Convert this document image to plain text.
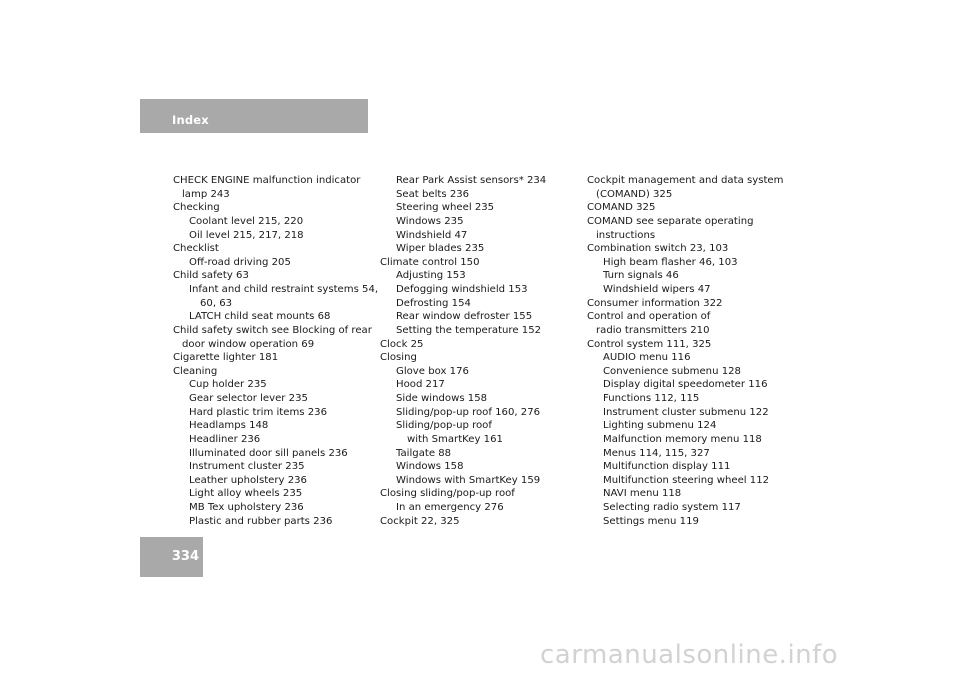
Index
CHECK ENGINE malfunction indicator
lamp 243
Checking
Coolant level 215, 220
Oil level 215, 217, 218
Checklist
Off-road driving 205
Child safety 63
Infant and child restraint systems 54,
60, 63
LATCH child seat mounts 68
Child safety switch see Blocking of rear
door window operation 69
Cigarette lighter 181
Cleaning
Cup holder 235
Gear selector lever 235
Hard plastic trim items 236
Headlamps 148
Headliner 236
Illuminated door sill panels 236
Instrument cluster 235
Leather upholstery 236
Light alloy wheels 235
MB Tex upholstery 236
Plastic and rubber parts 236
Rear Park Assist sensors* 234
Seat belts 236
Steering wheel 235
Windows 235
Windshield 47
Wiper blades 235
Climate control 150
Adjusting 153
Defogging windshield 153
Defrosting 154
Rear window defroster 155
Setting the temperature 152
Clock 25
Closing
Glove box 176
Hood 217
Side windows 158
Sliding/pop-up roof 160, 276
Sliding/pop-up roof
with SmartKey 161
Tailgate 88
Windows 158
Windows with SmartKey 159
Closing sliding/pop-up roof
In an emergency 276
Cockpit 22, 325
Cockpit management and data system
(COMAND) 325
COMAND 325
COMAND see separate operating
instructions
Combination switch 23, 103
High beam flasher 46, 103
Turn signals 46
Windshield wipers 47
Consumer information 322
Control and operation of
radio transmitters 210
Control system 111, 325
AUDIO menu 116
Convenience submenu 128
Display digital speedometer 116
Functions 112, 115
Instrument cluster submenu 122
Lighting submenu 124
Malfunction memory menu 118
Menus 114, 115, 327
Multifunction display 111
Multifunction steering wheel 112
NAVI menu 118
Selecting radio system 117
Settings menu 119
334
carmanualsonline.info
